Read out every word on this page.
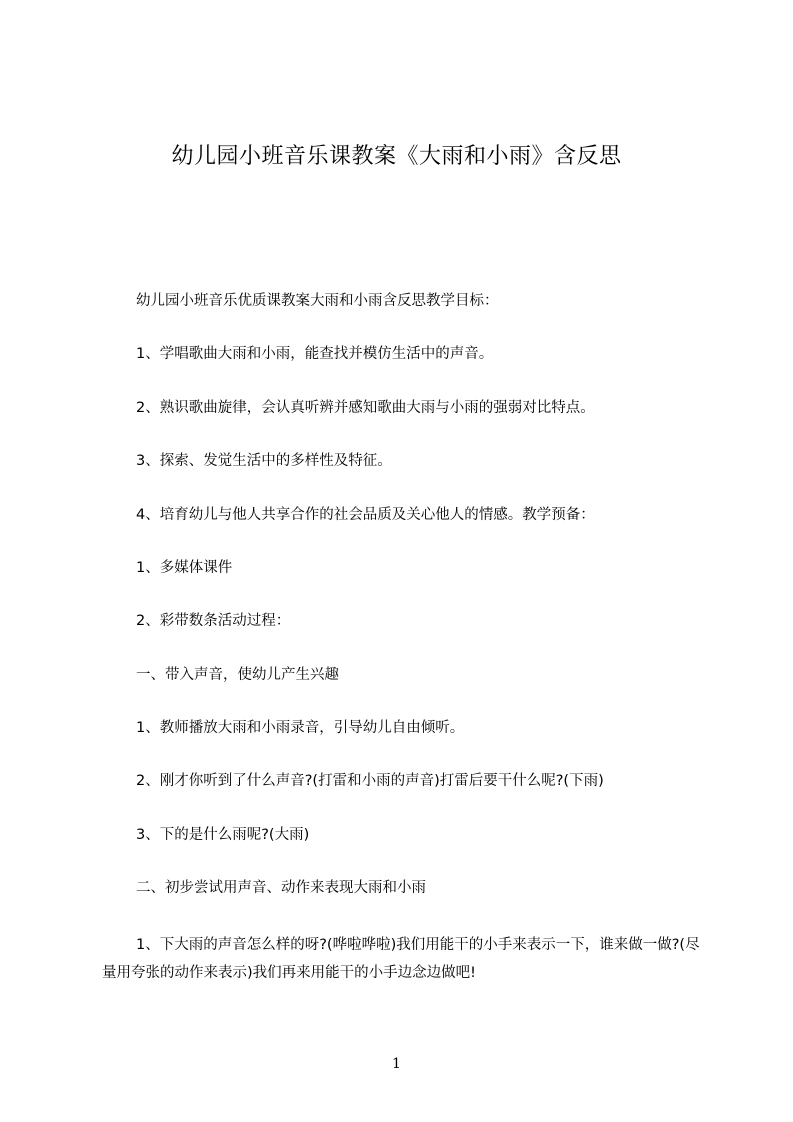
幼儿园小班音乐课教案《大雨和小雨》含反思
幼儿园小班音乐优质课教案大雨和小雨含反思教学目标：
1、学唱歌曲大雨和小雨，能查找并模仿生活中的声音。
2、熟识歌曲旋律，会认真听辨并感知歌曲大雨与小雨的强弱对比特点。
3、探索、发觉生活中的多样性及特征。
4、培育幼儿与他人共享合作的社会品质及关心他人的情感。教学预备：
1、多媒体课件
2、彩带数条活动过程：
一、带入声音，使幼儿产生兴趣
1、教师播放大雨和小雨录音，引导幼儿自由倾听。
2、刚才你听到了什么声音?(打雷和小雨的声音)打雷后要干什么呢?(下雨)
3、下的是什么雨呢?(大雨)
二、初步尝试用声音、动作来表现大雨和小雨
1、下大雨的声音怎么样的呀?(哗啦哗啦)我们用能干的小手来表示一下，谁来做一做?(尽量用夸张的动作来表示)我们再来用能干的小手边念边做吧!
1
